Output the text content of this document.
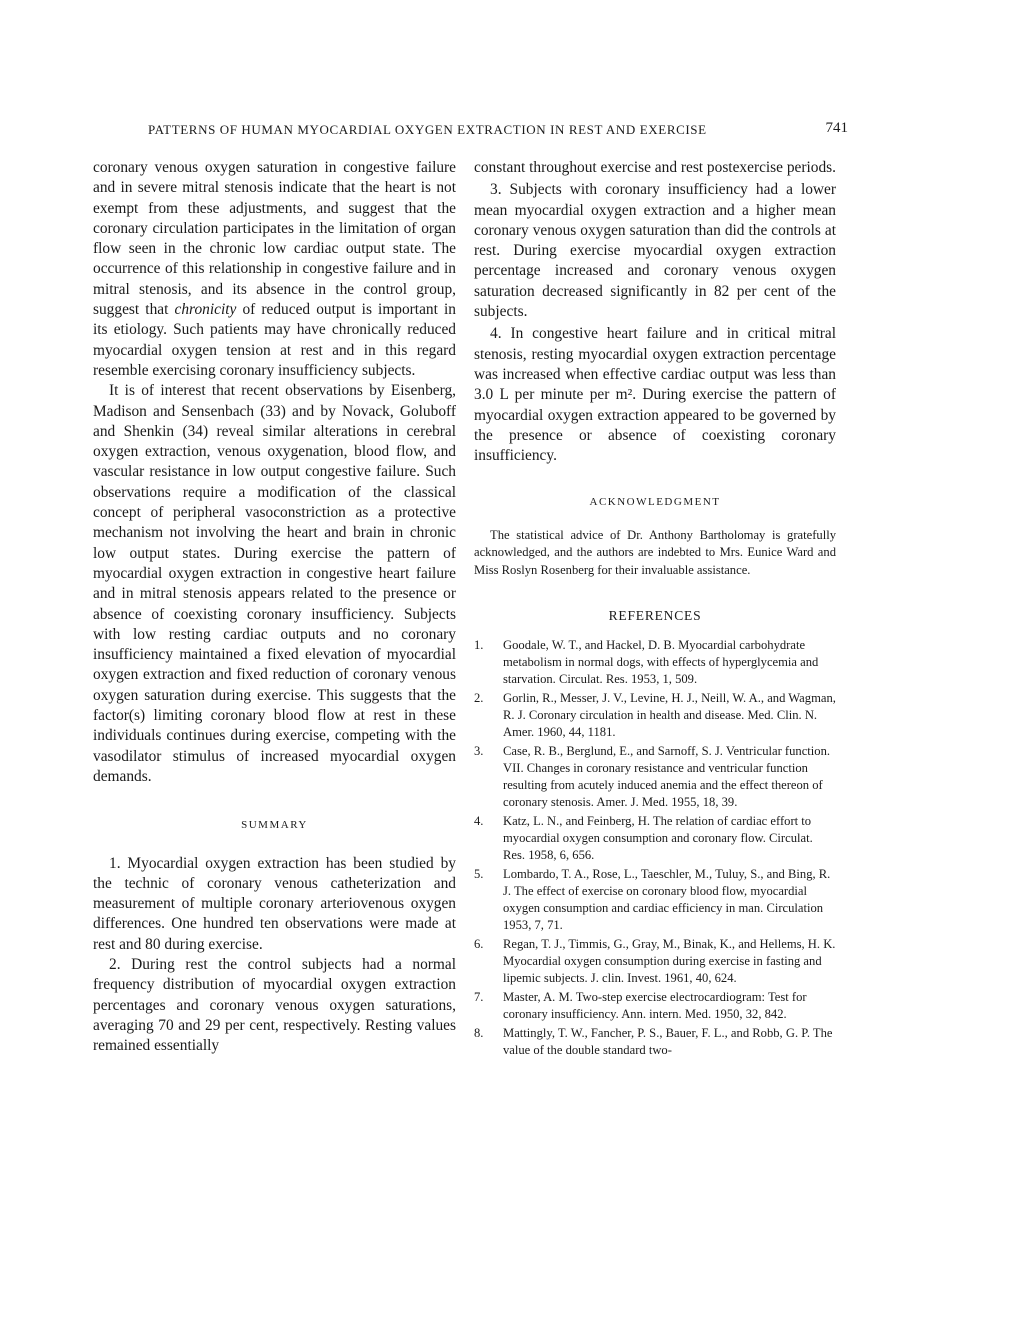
PATTERNS OF HUMAN MYOCARDIAL OXYGEN EXTRACTION IN REST AND EXERCISE	741

coronary venous oxygen saturation in congestive failure and in severe mitral stenosis indicate that the heart is not exempt from these adjustments, and suggest that the coronary circulation participates in the limitation of organ flow seen in the chronic low cardiac output state. The occurrence of this relationship in congestive failure and in mitral stenosis, and its absence in the control group, suggest that chronicity of reduced output is important in its etiology. Such patients may have chronically reduced myocardial oxygen tension at rest and in this regard resemble exercising coronary insufficiency subjects.

It is of interest that recent observations by Eisenberg, Madison and Sensenbach (33) and by Novack, Goluboff and Shenkin (34) reveal similar alterations in cerebral oxygen extraction, venous oxygenation, blood flow, and vascular resistance in low output congestive failure. Such observations require a modification of the classical concept of peripheral vasoconstriction as a protective mechanism not involving the heart and brain in chronic low output states. During exercise the pattern of myocardial oxygen extraction in congestive heart failure and in mitral stenosis appears related to the presence or absence of coexisting coronary insufficiency. Subjects with low resting cardiac outputs and no coronary insufficiency maintained a fixed elevation of myocardial oxygen extraction and fixed reduction of coronary venous oxygen saturation during exercise. This suggests that the factor(s) limiting coronary blood flow at rest in these individuals continues during exercise, competing with the vasodilator stimulus of increased myocardial oxygen demands.

SUMMARY

1. Myocardial oxygen extraction has been studied by the technic of coronary venous catheterization and measurement of multiple coronary arteriovenous oxygen differences. One hundred ten observations were made at rest and 80 during exercise.

2. During rest the control subjects had a normal frequency distribution of myocardial oxygen extraction percentages and coronary venous oxygen saturations, averaging 70 and 29 per cent, respectively. Resting values remained essentially

constant throughout exercise and rest postexercise periods.

3. Subjects with coronary insufficiency had a lower mean myocardial oxygen extraction and a higher mean coronary venous oxygen saturation than did the controls at rest. During exercise myocardial oxygen extraction percentage increased and coronary venous oxygen saturation decreased significantly in 82 per cent of the subjects.

4. In congestive heart failure and in critical mitral stenosis, resting myocardial oxygen extraction percentage was increased when effective cardiac output was less than 3.0 L per minute per m². During exercise the pattern of myocardial oxygen extraction appeared to be governed by the presence or absence of coexisting coronary insufficiency.

ACKNOWLEDGMENT

The statistical advice of Dr. Anthony Bartholomay is gratefully acknowledged, and the authors are indebted to Mrs. Eunice Ward and Miss Roslyn Rosenberg for their invaluable assistance.

REFERENCES
1. Goodale, W. T., and Hackel, D. B. Myocardial carbohydrate metabolism in normal dogs, with effects of hyperglycemia and starvation. Circulat. Res. 1953, 1, 509.
2. Gorlin, R., Messer, J. V., Levine, H. J., Neill, W. A., and Wagman, R. J. Coronary circulation in health and disease. Med. Clin. N. Amer. 1960, 44, 1181.
3. Case, R. B., Berglund, E., and Sarnoff, S. J. Ventricular function. VII. Changes in coronary resistance and ventricular function resulting from acutely induced anemia and the effect thereon of coronary stenosis. Amer. J. Med. 1955, 18, 39.
4. Katz, L. N., and Feinberg, H. The relation of cardiac effort to myocardial oxygen consumption and coronary flow. Circulat. Res. 1958, 6, 656.
5. Lombardo, T. A., Rose, L., Taeschler, M., Tuluy, S., and Bing, R. J. The effect of exercise on coronary blood flow, myocardial oxygen consumption and cardiac efficiency in man. Circulation 1953, 7, 71.
6. Regan, T. J., Timmis, G., Gray, M., Binak, K., and Hellems, H. K. Myocardial oxygen consumption during exercise in fasting and lipemic subjects. J. clin. Invest. 1961, 40, 624.
7. Master, A. M. Two-step exercise electrocardiogram: Test for coronary insufficiency. Ann. intern. Med. 1950, 32, 842.
8. Mattingly, T. W., Fancher, P. S., Bauer, F. L., and Robb, G. P. The value of the double standard two-
